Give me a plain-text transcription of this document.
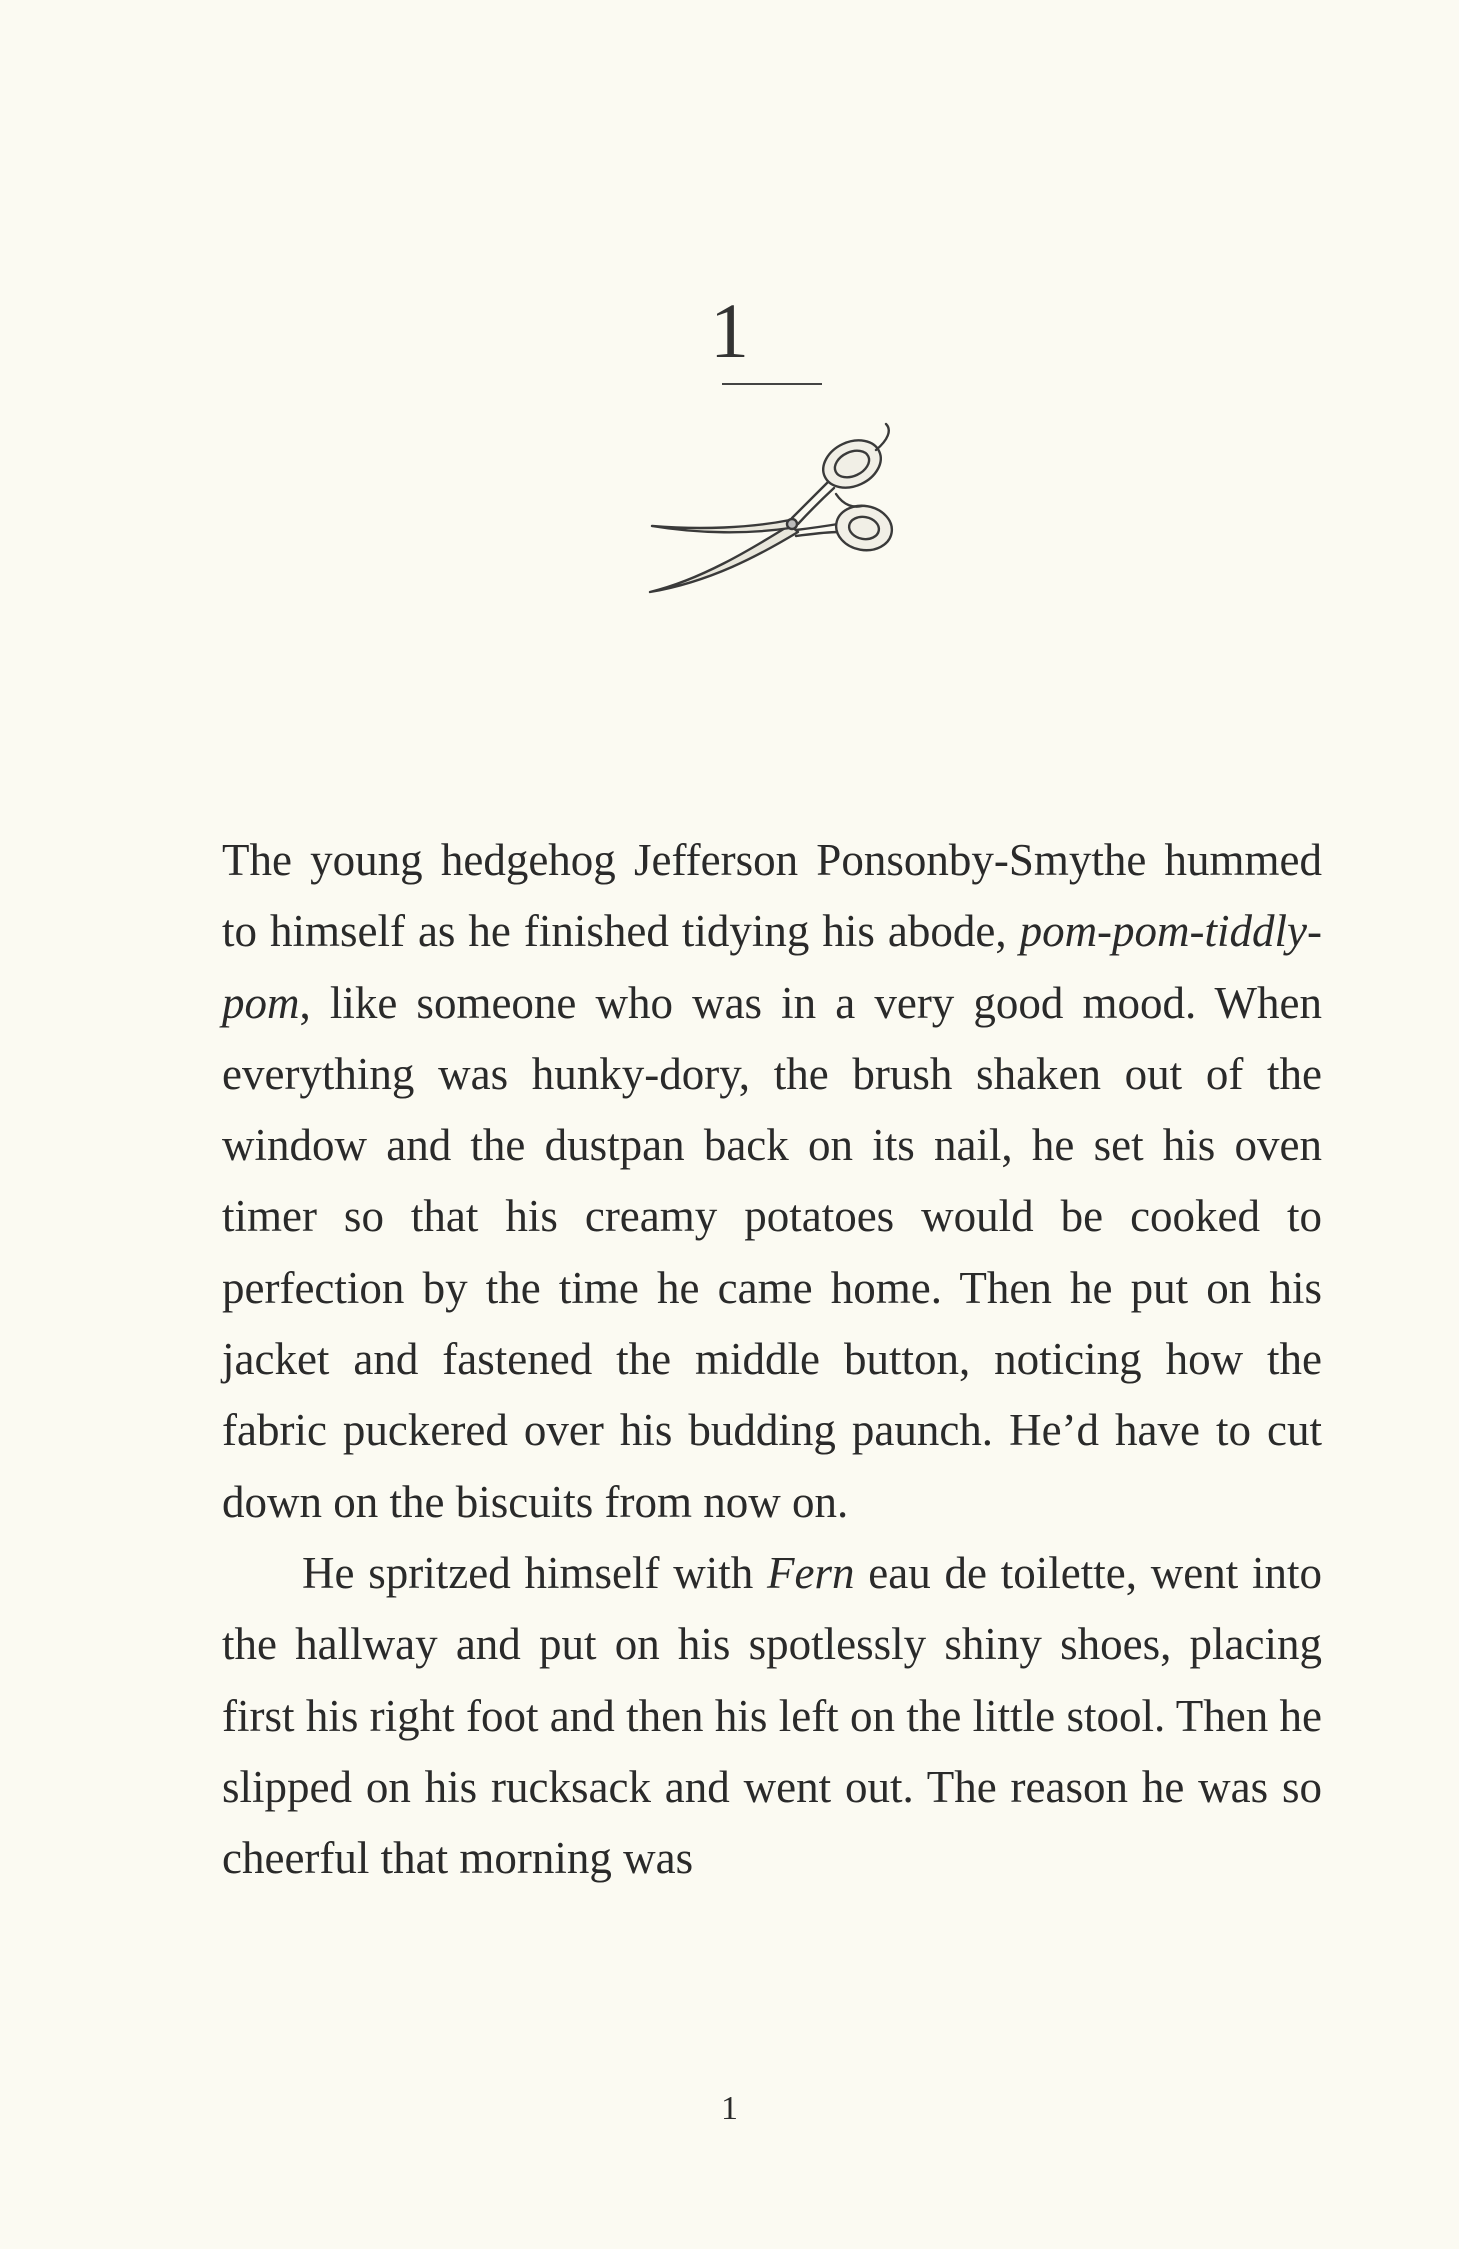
1

The young hedgehog Jefferson Ponsonby-Smythe hummed to himself as he finished tidying his abode, pom-pom-tiddly-pom, like someone who was in a very good mood. When everything was hunky-dory, the brush shaken out of the window and the dustpan back on its nail, he set his oven timer so that his creamy potatoes would be cooked to perfection by the time he came home. Then he put on his jacket and fastened the middle button, noticing how the fabric puckered over his budding paunch. He’d have to cut down on the biscuits from now on.

He spritzed himself with Fern eau de toilette, went into the hallway and put on his spotlessly shiny shoes, placing first his right foot and then his left on the little stool. Then he slipped on his rucksack and went out. The reason he was so cheerful that morning was

1
